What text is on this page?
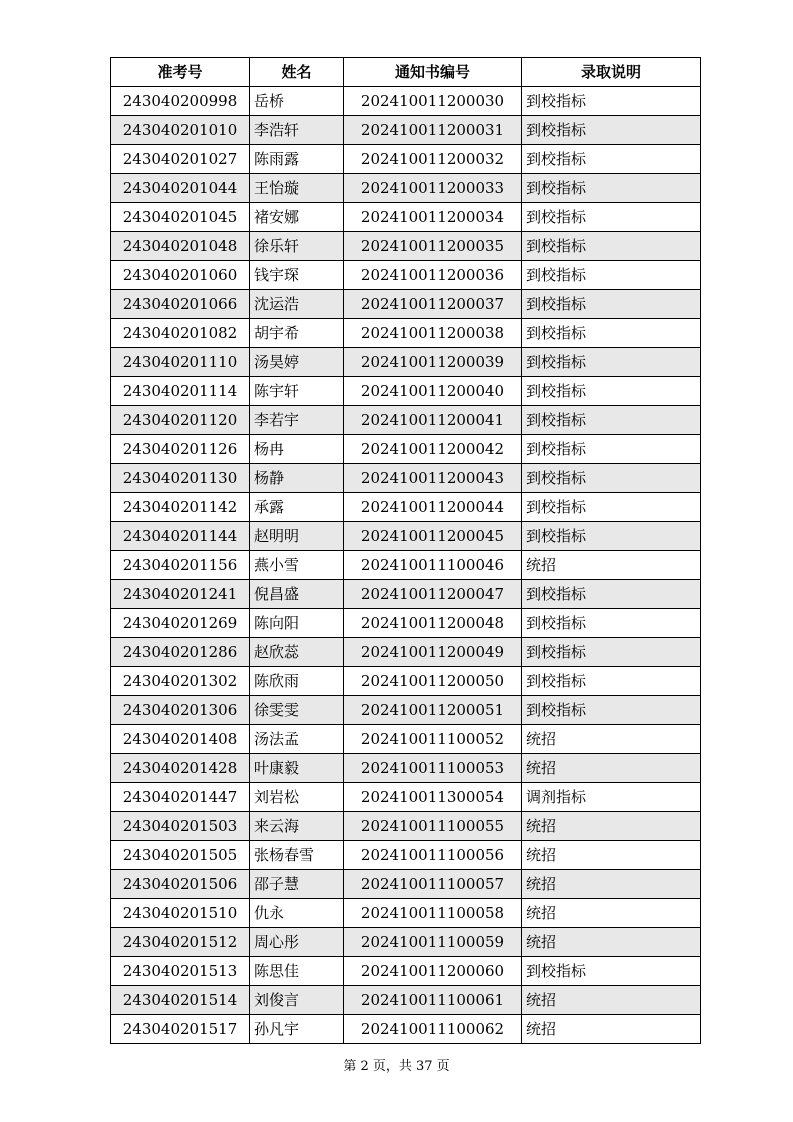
准考号	姓名	通知书编号	录取说明
243040200998	岳桥	202410011200030	到校指标
243040201010	李浩轩	202410011200031	到校指标
243040201027	陈雨露	202410011200032	到校指标
243040201044	王怡璇	202410011200033	到校指标
243040201045	褚安娜	202410011200034	到校指标
243040201048	徐乐轩	202410011200035	到校指标
243040201060	钱宇琛	202410011200036	到校指标
243040201066	沈运浩	202410011200037	到校指标
243040201082	胡宇希	202410011200038	到校指标
243040201110	汤昊婷	202410011200039	到校指标
243040201114	陈宇轩	202410011200040	到校指标
243040201120	李若宇	202410011200041	到校指标
243040201126	杨冉	202410011200042	到校指标
243040201130	杨静	202410011200043	到校指标
243040201142	承露	202410011200044	到校指标
243040201144	赵明明	202410011200045	到校指标
243040201156	燕小雪	202410011100046	统招
243040201241	倪昌盛	202410011200047	到校指标
243040201269	陈向阳	202410011200048	到校指标
243040201286	赵欣蕊	202410011200049	到校指标
243040201302	陈欣雨	202410011200050	到校指标
243040201306	徐雯雯	202410011200051	到校指标
243040201408	汤法孟	202410011100052	统招
243040201428	叶康毅	202410011100053	统招
243040201447	刘岩松	202410011300054	调剂指标
243040201503	来云海	202410011100055	统招
243040201505	张杨春雪	202410011100056	统招
243040201506	邵子慧	202410011100057	统招
243040201510	仇永	202410011100058	统招
243040201512	周心彤	202410011100059	统招
243040201513	陈思佳	202410011200060	到校指标
243040201514	刘俊言	202410011100061	统招
243040201517	孙凡宇	202410011100062	统招
第 2 页，共 37 页
